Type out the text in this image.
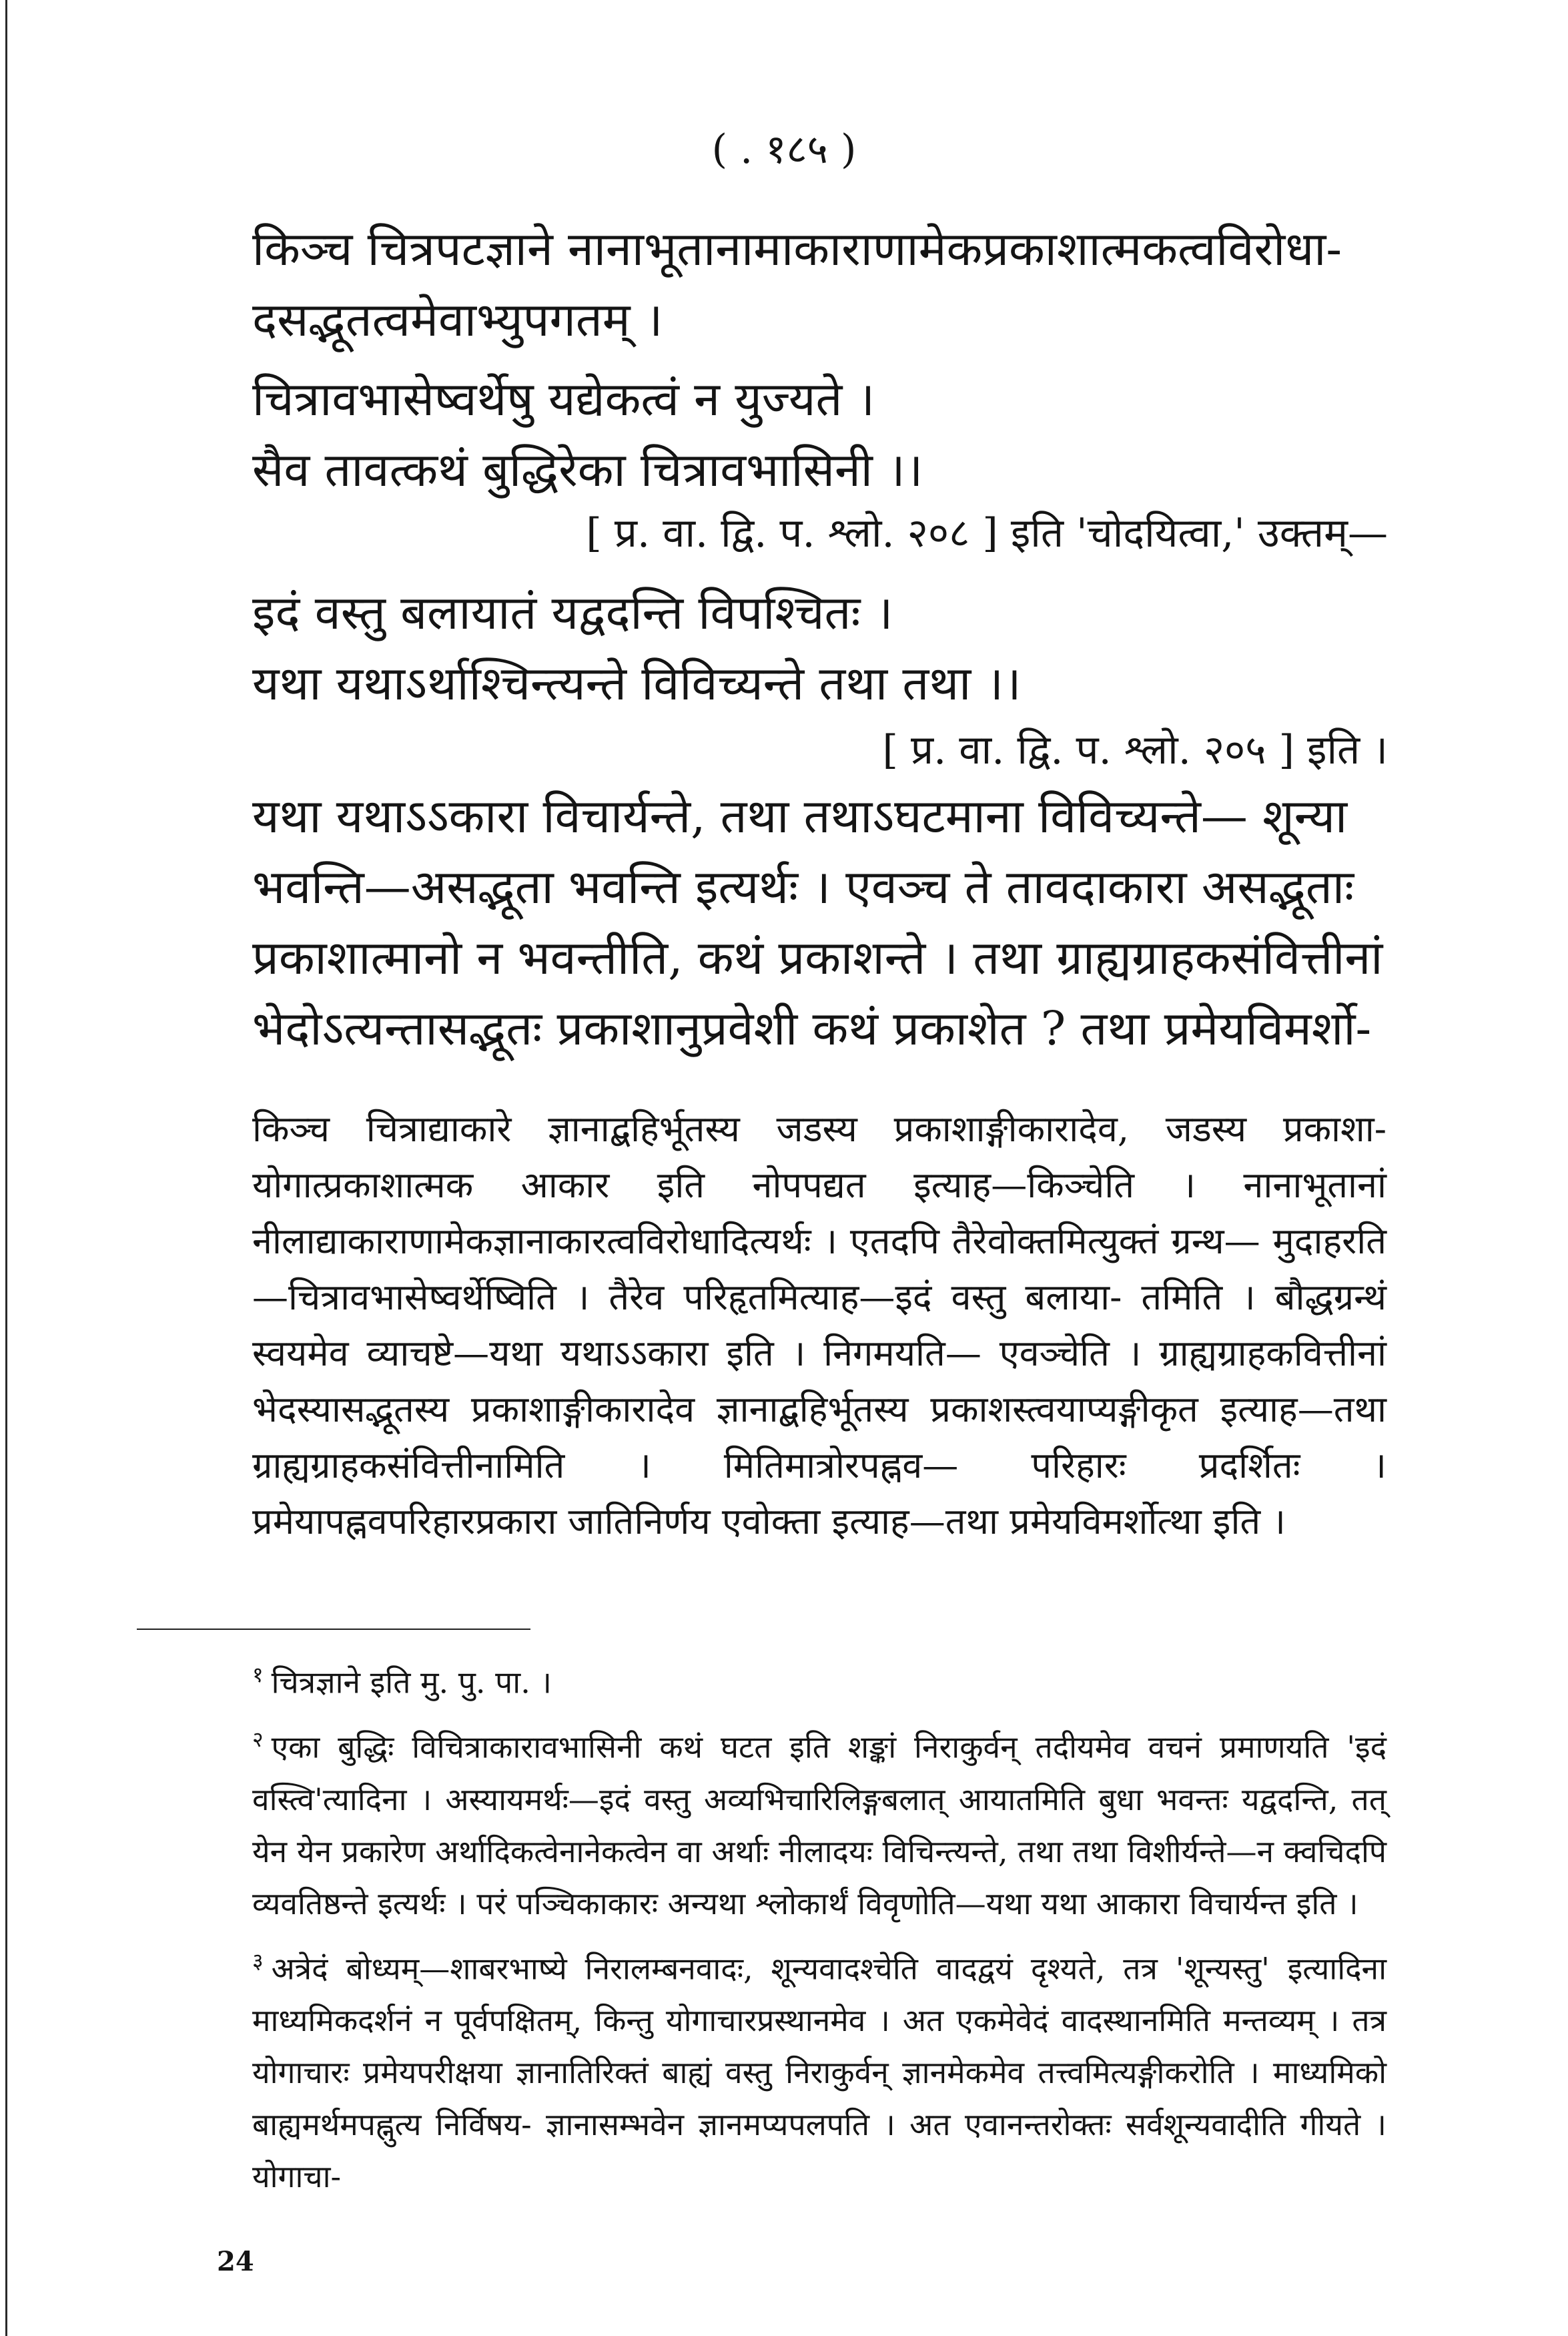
( . १८५ )

किञ्च चित्रपटज्ञाने नानाभूतानामाकाराणामेकप्रकाशात्मकत्वविरोधा- दसद्भूतत्वमेवाभ्युपगतम् ।

चित्रावभासेष्वर्थेषु यद्येकत्वं न युज्यते ।

सैव तावत्कथं बुद्धिरेका चित्रावभासिनी ।।

[ प्र. वा. द्वि. प. श्लो. २०८ ] इति 'चोदयित्वा,' उक्तम्—

इदं वस्तु बलायातं यद्वदन्ति विपश्चितः ।

यथा यथाऽर्थाश्चिन्त्यन्ते विविच्यन्ते तथा तथा ।।

[ प्र. वा. द्वि. प. श्लो. २०५ ] इति ।

यथा यथाऽऽकारा विचार्यन्ते, तथा तथाऽघटमाना विविच्यन्ते— शून्या भवन्ति—असद्भूता भवन्ति इत्यर्थः । एवञ्च ते तावदाकारा असद्भूताः प्रकाशात्मानो न भवन्तीति, कथं प्रकाशन्ते । तथा ग्राह्यग्राहकसंवित्तीनां भेदोऽत्यन्तासद्भूतः प्रकाशानुप्रवेशी कथं प्रकाशेत ? तथा प्रमेयविमर्शो-

किञ्च चित्राद्याकारे ज्ञानाद्बहिर्भूतस्य जडस्य प्रकाशाङ्गीकारादेव, जडस्य प्रकाशा- योगात्प्रकाशात्मक आकार इति नोपपद्यत इत्याह—किञ्चेति । नानाभूतानां नीलाद्याकाराणामेकज्ञानाकारत्वविरोधादित्यर्थः । एतदपि तैरेवोक्तमित्युक्तं ग्रन्थ— मुदाहरति—चित्रावभासेष्वर्थेष्विति । तैरेव परिहृतमित्याह—इदं वस्तु बलाया- तमिति । बौद्धग्रन्थं स्वयमेव व्याचष्टे—यथा यथाऽऽकारा इति । निगमयति— एवञ्चेति । ग्राह्यग्राहकवित्तीनां भेदस्यासद्भूतस्य प्रकाशाङ्गीकारादेव ज्ञानाद्बहिर्भूतस्य प्रकाशस्त्वयाप्यङ्गीकृत इत्याह—तथा ग्राह्यग्राहकसंवित्तीनामिति । मितिमात्रोरपह्नव— परिहारः प्रदर्शितः । प्रमेयापह्नवपरिहारप्रकारा जातिनिर्णय एवोक्ता इत्याह—तथा प्रमेयविमर्शोत्था इति ।

$^१$ चित्रज्ञाने इति मु. पु. पा. ।

$^२$ एका बुद्धिः विचित्राकारावभासिनी कथं घटत इति शङ्कां निराकुर्वन् तदीयमेव वचनं प्रमाणयति 'इदं वस्त्वि'त्यादिना । अस्यायमर्थः—इदं वस्तु अव्यभिचारिलिङ्गबलात् आयातमिति बुधा भवन्तः यद्वदन्ति, तत् येन येन प्रकारेण अर्थादिकत्वेनानेकत्वेन वा अर्थाः नीलादयः विचिन्त्यन्ते, तथा तथा विशीर्यन्ते—न क्वचिदपि व्यवतिष्ठन्ते इत्यर्थः । परं पञ्चिकाकारः अन्यथा श्लोकार्थं विवृणोति—यथा यथा आकारा विचार्यन्त इति ।

$^३$ अत्रेदं बोध्यम्—शाबरभाष्ये निरालम्बनवादः, शून्यवादश्चेति वादद्वयं दृश्यते, तत्र 'शून्यस्तु' इत्यादिना माध्यमिकदर्शनं न पूर्वपक्षितम्, किन्तु योगाचारप्रस्थानमेव । अत एकमेवेदं वादस्थानमिति मन्तव्यम् । तत्र योगाचारः प्रमेयपरीक्षया ज्ञानातिरिक्तं बाह्यं वस्तु निराकुर्वन् ज्ञानमेकमेव तत्त्वमित्यङ्गीकरोति । माध्यमिको बाह्यमर्थमपह्नुत्य निर्विषय- ज्ञानासम्भवेन ज्ञानमप्यपलपति । अत एवानन्तरोक्तः सर्वशून्यवादीति गीयते । योगाचा-

24
